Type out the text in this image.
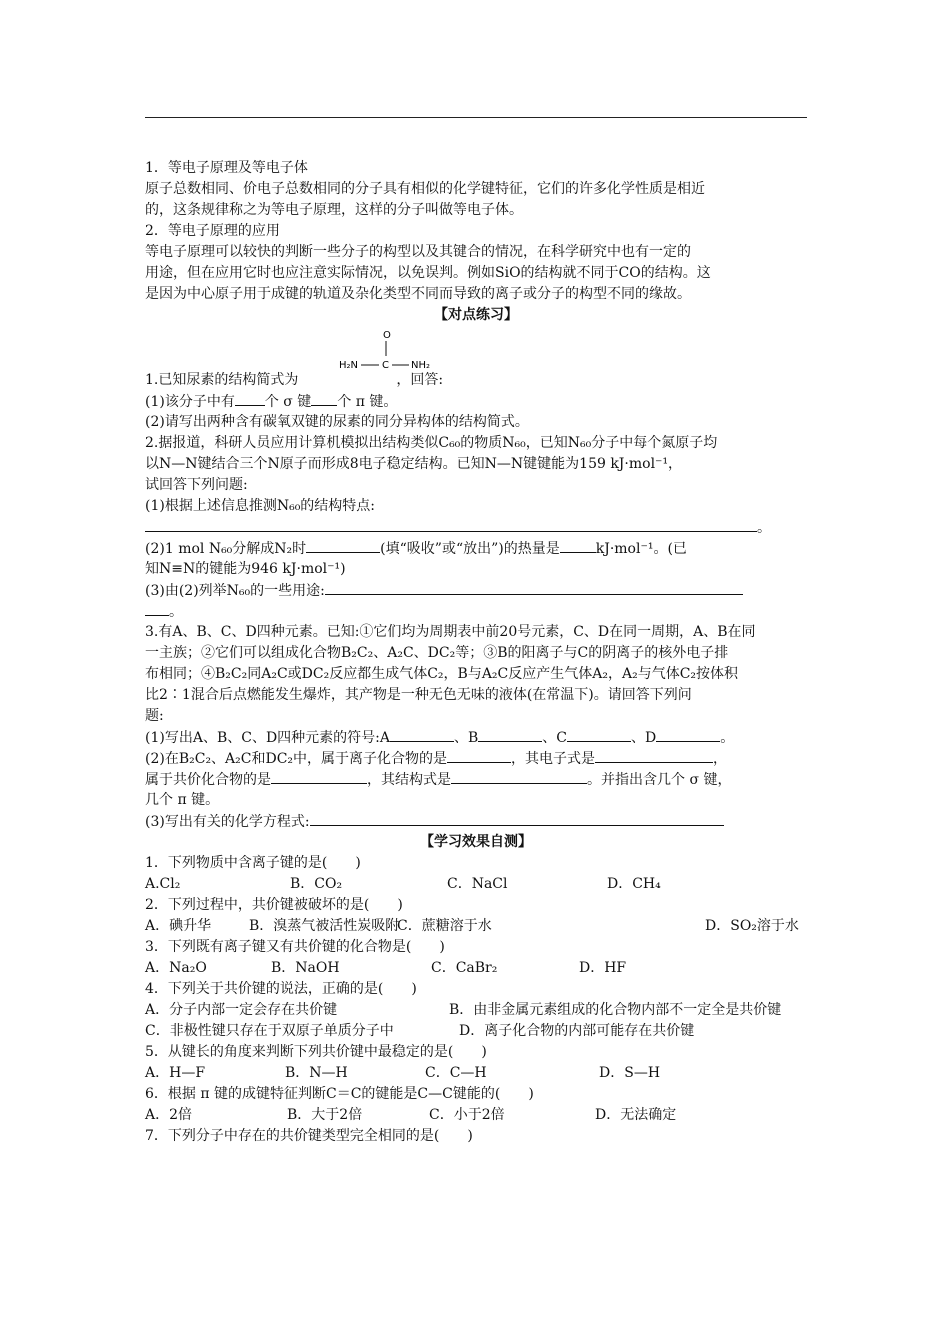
1．等电子原理及等电子体
原子总数相同、价电子总数相同的分子具有相似的化学键特征，它们的许多化学性质是相近
的，这条规律称之为等电子原理，这样的分子叫做等电子体。
2．等电子原理的应用
等电子原理可以较快的判断一些分子的构型以及其键合的情况，在科学研究中也有一定的
用途，但在应用它时也应注意实际情况，以免误判。例如SiO的结构就不同于CO的结构。这
是因为中心原子用于成键的轨道及杂化类型不同而导致的离子或分子的构型不同的缘故。
【对点练习】
O
H₂N C NH₂
1.已知尿素的结构简式为	，回答:
(1)该分子中有 个 σ 键 个 π 键。
(2)请写出两种含有碳氧双键的尿素的同分异构体的结构简式。
2.据报道，科研人员应用计算机模拟出结构类似C₆₀的物质N₆₀，已知N₆₀分子中每个氮原子均
以N—N键结合三个N原子而形成8电子稳定结构。已知N—N键键能为159 kJ·mol⁻¹，
试回答下列问题:
(1)根据上述信息推测N₆₀的结构特点:
。
(2)1 mol N₆₀分解成N₂时	(填“吸收”或“放出”)的热量是	kJ·mol⁻¹。(已
知N≡N的键能为946 kJ·mol⁻¹)
(3)由(2)列举N₆₀的一些用途:
。
3.有A、B、C、D四种元素。已知:①它们均为周期表中前20号元素，C、D在同一周期，A、B在同
一主族；②它们可以组成化合物B₂C₂、A₂C、DC₂等；③B的阳离子与C的阴离子的核外电子排
布相同；④B₂C₂同A₂C或DC₂反应都生成气体C₂，B与A₂C反应产生气体A₂，A₂与气体C₂按体积
比2∶1混合后点燃能发生爆炸，其产物是一种无色无味的液体(在常温下)。请回答下列问
题:
(1)写出A、B、C、D四种元素的符号:A	、B	、C	、D	。
(2)在B₂C₂、A₂C和DC₂中，属于离子化合物的是	，其电子式是	，
属于共价化合物的是	，其结构式是	。并指出含几个 σ 键，
几个 π 键。
(3)写出有关的化学方程式:
【学习效果自测】
1．下列物质中含离子键的是(　　)
A.Cl₂	B．CO₂	C．NaCl	D．CH₄
2．下列过程中，共价键被破坏的是(　　)
A．碘升华	B．溴蒸气被活性炭吸附
C．蔗糖溶于水	D．SO₂溶于水
3．下列既有离子键又有共价键的化合物是(　　)
A．Na₂O	B．NaOH	C．CaBr₂	D．HF
4．下列关于共价键的说法，正确的是(　　)
A．分子内部一定会存在共价键	B．由非金属元素组成的化合物内部不一定全是共价键
C．非极性键只存在于双原子单质分子中	D．离子化合物的内部可能存在共价键
5．从键长的角度来判断下列共价键中最稳定的是(　　)
A．H—F	B．N—H	C．C—H	D．S—H
6．根据 π 键的成键特征判断C＝C的键能是C—C键能的(　　)
A．2倍	B．大于2倍	C．小于2倍	D．无法确定
7．下列分子中存在的共价键类型完全相同的是(　　)
